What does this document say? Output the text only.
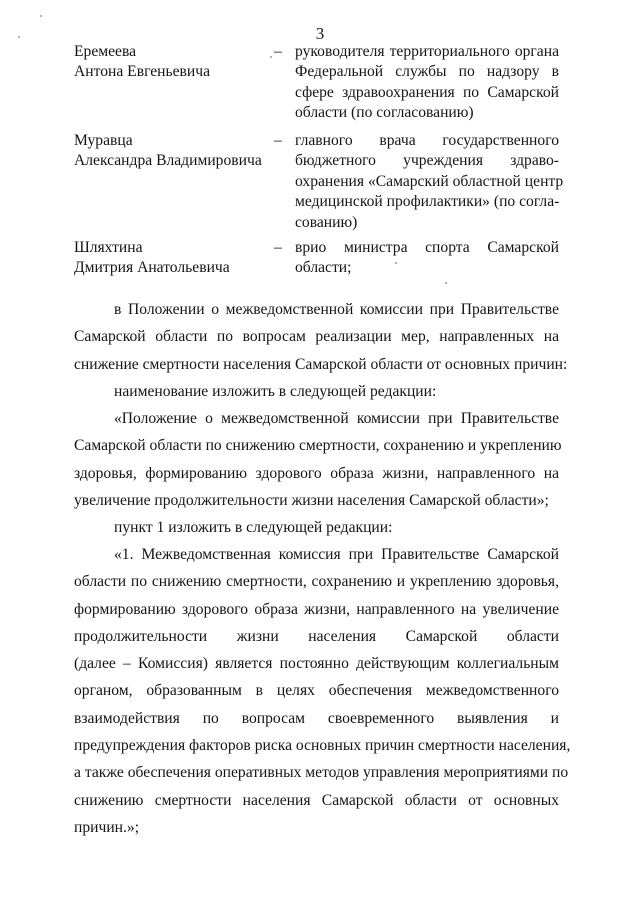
3
Еремеева
Антона Евгеньевича
– руководителя территориального органа
Федеральной службы по надзору в
сфере здравоохранения по Самарской
области (по согласованию)
Муравца
Александра Владимировича
– главного врача государственного
бюджетного учреждения здраво-
охранения «Самарский областной центр
медицинской профилактики» (по согла-
сованию)
Шляхтина
Дмитрия Анатольевича
– врио министра спорта Самарской
области;
в Положении о межведомственной комиссии при Правительстве
Самарской области по вопросам реализации мер, направленных на
снижение смертности населения Самарской области от основных причин:
наименование изложить в следующей редакции:
«Положение о межведомственной комиссии при Правительстве
Самарской области по снижению смертности, сохранению и укреплению
здоровья, формированию здорового образа жизни, направленного на
увеличение продолжительности жизни населения Самарской области»;
пункт 1 изложить в следующей редакции:
«1. Межведомственная комиссия при Правительстве Самарской
области по снижению смертности, сохранению и укреплению здоровья,
формированию здорового образа жизни, направленного на увеличение
продолжительности жизни населения Самарской области
(далее – Комиссия) является постоянно действующим коллегиальным
органом, образованным в целях обеспечения межведомственного
взаимодействия по вопросам своевременного выявления и
предупреждения факторов риска основных причин смертности населения,
а также обеспечения оперативных методов управления мероприятиями по
снижению смертности населения Самарской области от основных
причин.»;
